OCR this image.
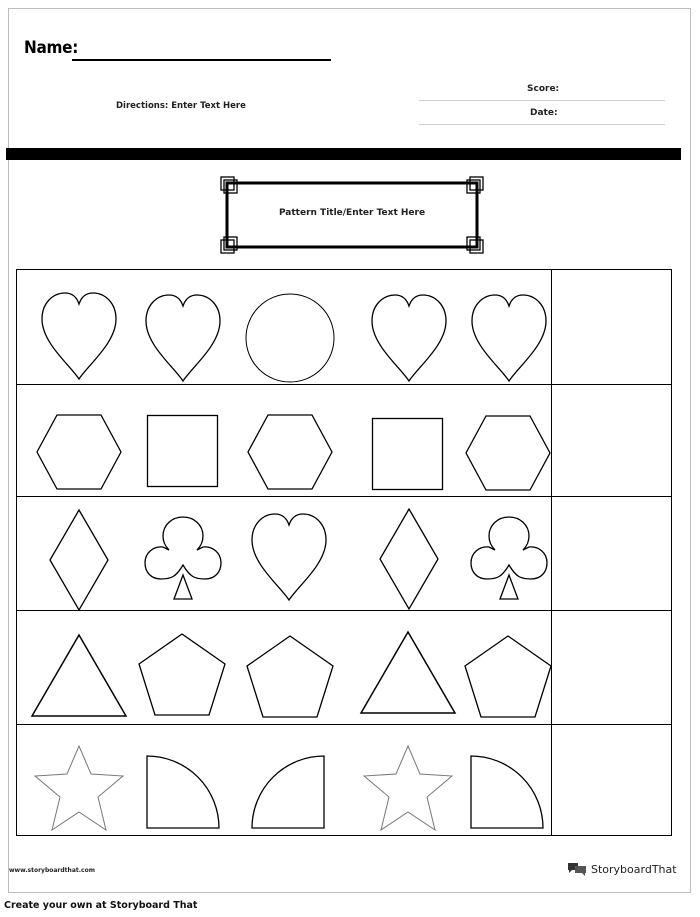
Name:
Directions: Enter Text Here
Score:
Date:
Pattern Title/Enter Text Here
www.storyboardthat.com	StoryboardThat
Create your own at Storyboard That
